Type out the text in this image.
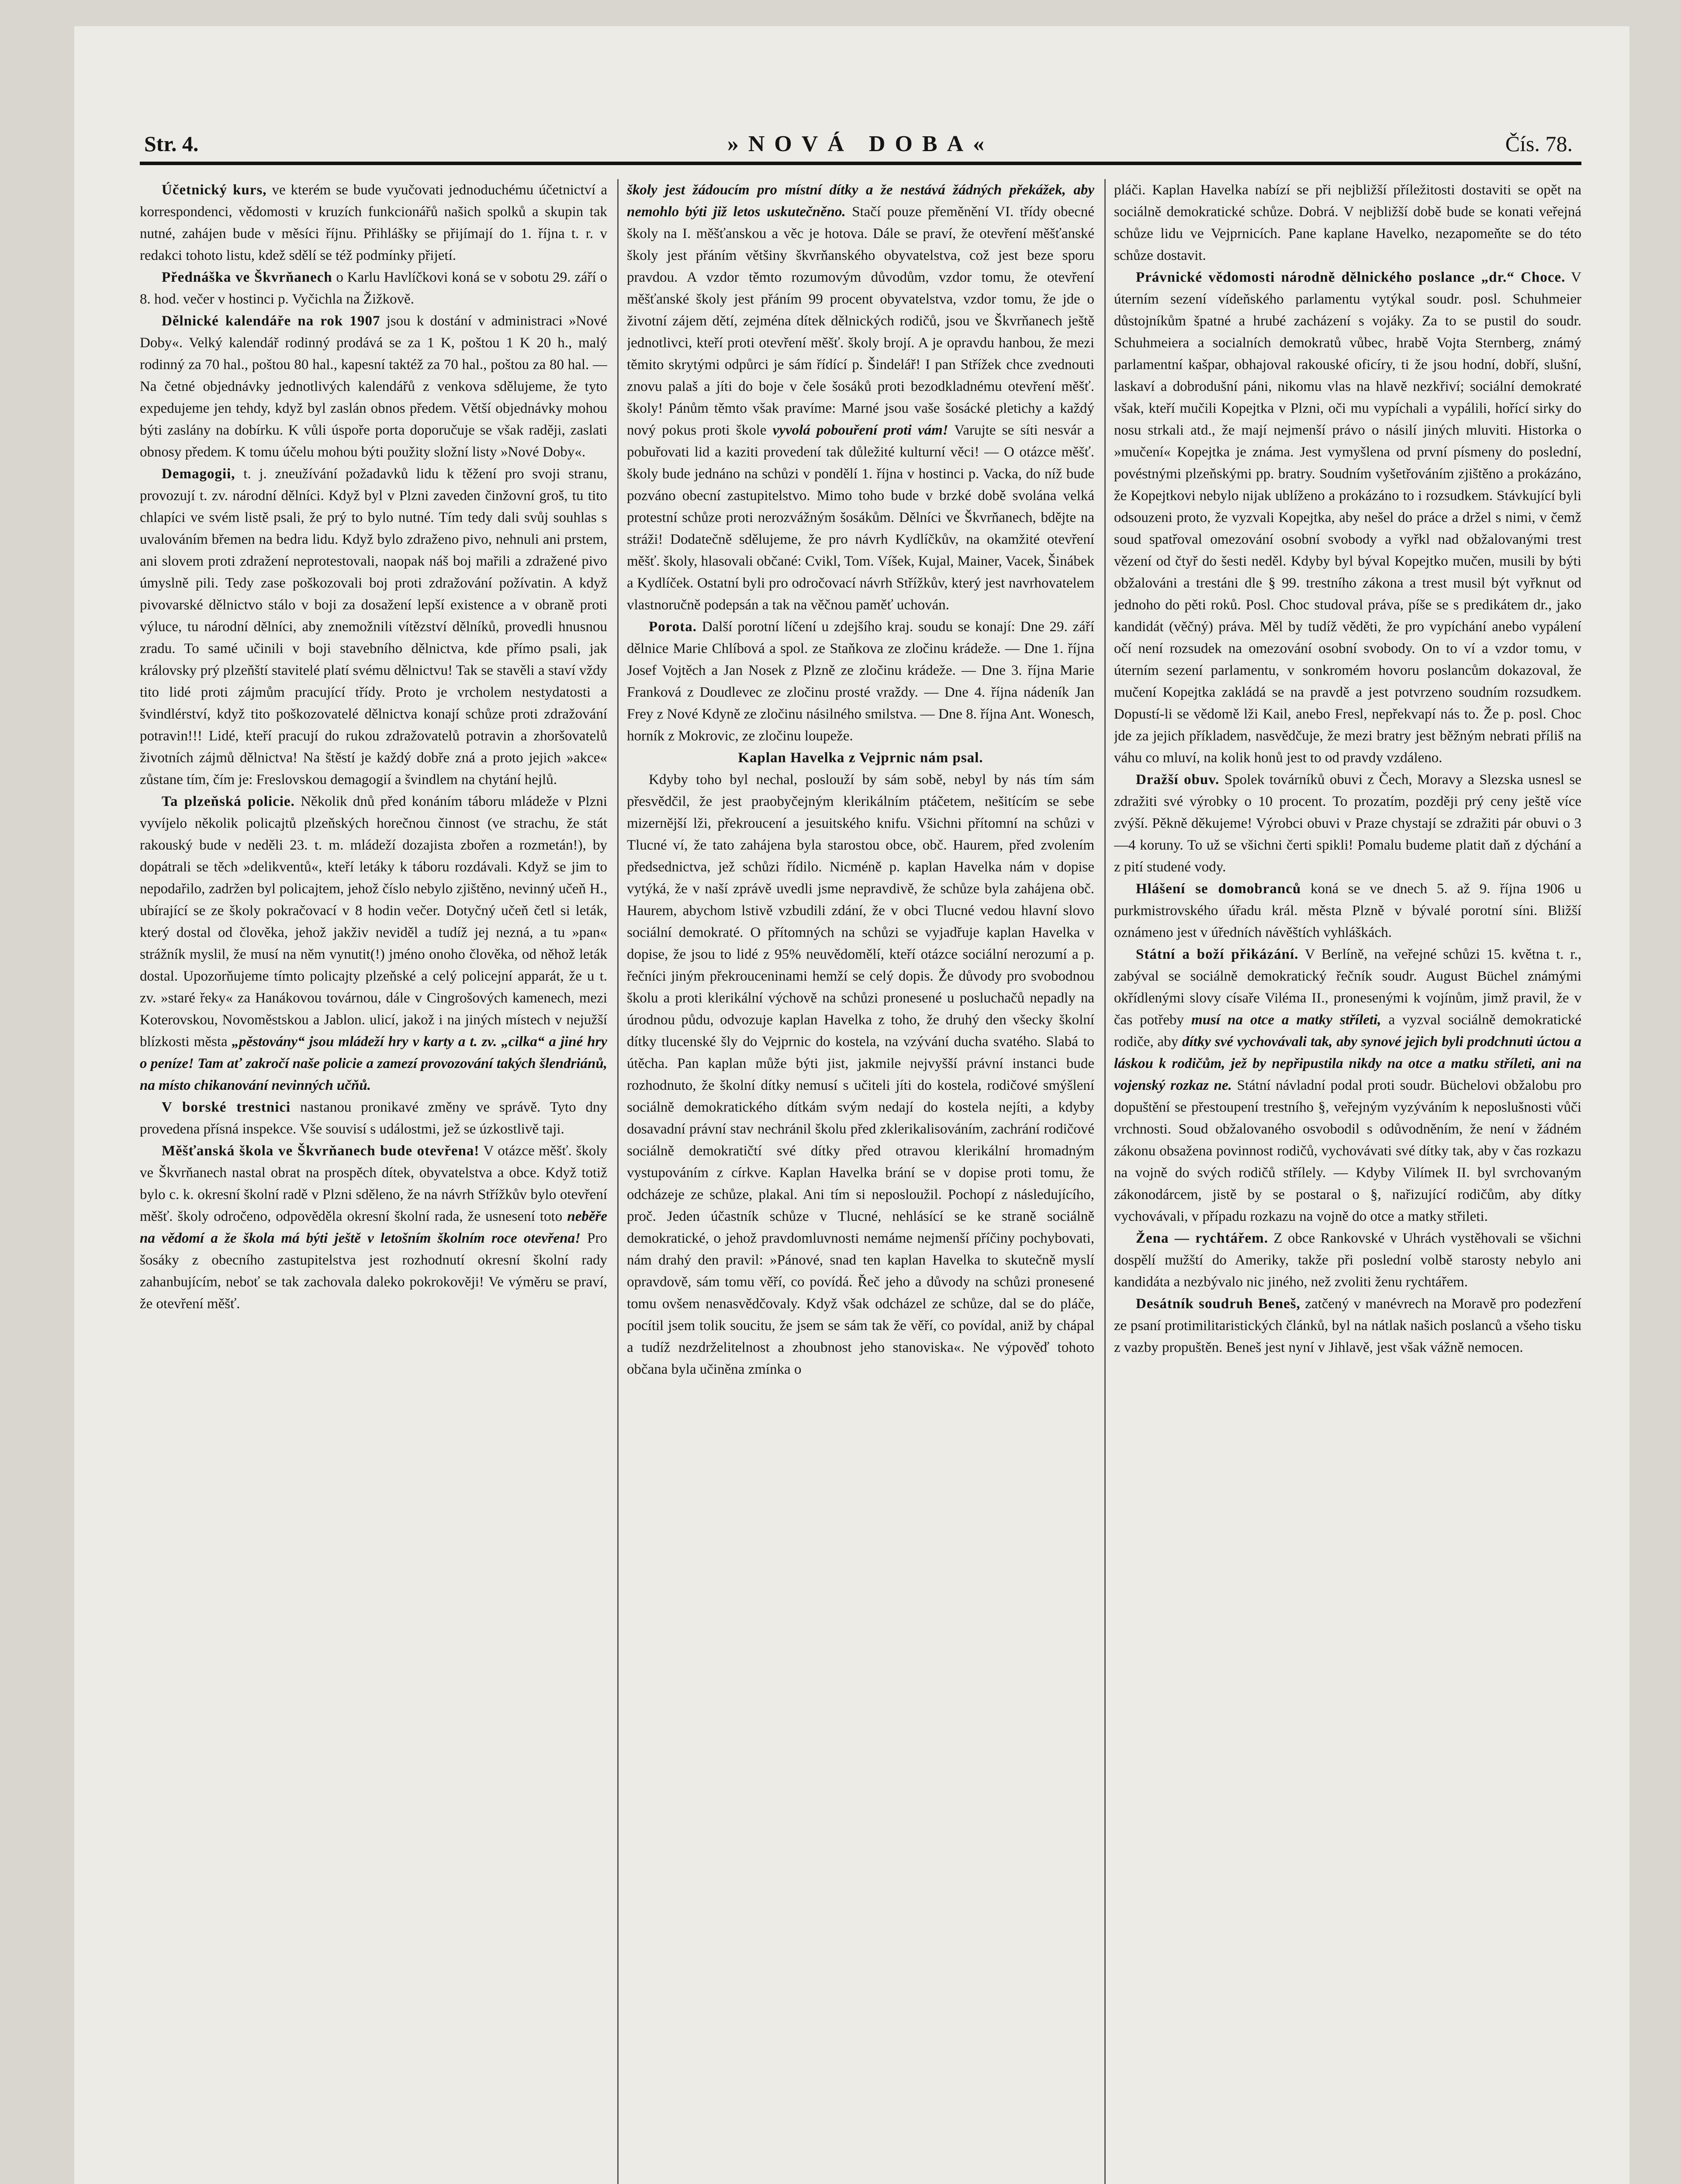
Str. 4.	»NOVÁ DOBA«	Čís. 78.

Účetnický kurs, ve kterém se bude vyučovati jednoduchému účetnictví a korrespondenci, vědomosti v kruzích funkcionářů našich spolků a skupin tak nutné, zahájen bude v měsíci říjnu. Přihlášky se přijímají do 1. října t. r. v redakci tohoto listu, kdež sdělí se též podmínky přijetí.

Přednáška ve Škvrňanech o Karlu Havlíčkovi koná se v sobotu 29. září o 8. hod. večer v hostinci p. Vyčichla na Žižkově.

Dělnické kalendáře na rok 1907 jsou k dostání v administraci »Nové Doby«. Velký kalendář rodinný prodává se za 1 K, poštou 1 K 20 h., malý rodinný za 70 hal., poštou 80 hal., kapesní taktéž za 70 hal., poštou za 80 hal. — Na četné objednávky jednotlivých kalendářů z venkova sdělujeme, že tyto expedujeme jen tehdy, když byl zaslán obnos předem. Větší objednávky mohou býti zaslány na dobírku. K vůli úspoře porta doporučuje se však raději, zaslati obnosy předem. K tomu účelu mohou býti použity složní listy »Nové Doby«.

Demagogii, t. j. zneužívání požadavků lidu k těžení pro svoji stranu, provozují t. zv. národní dělníci. Když byl v Plzni zaveden činžovní groš, tu tito chlapíci ve svém listě psali, že prý to bylo nutné. Tím tedy dali svůj souhlas s uvalováním břemen na bedra lidu. Když bylo zdraženo pivo, nehnuli ani prstem, ani slovem proti zdražení neprotestovali, naopak náš boj mařili a zdražené pivo úmyslně pili. Tedy zase poškozovali boj proti zdražování požívatin. A když pivovarské dělnictvo stálo v boji za dosažení lepší existence a v obraně proti výluce, tu národní dělníci, aby znemožnili vítězství dělníků, provedli hnusnou zradu. To samé učinili v boji stavebního dělnictva, kde přímo psali, jak královsky prý plzeňští stavitelé platí svému dělnictvu! Tak se stavěli a staví vždy tito lidé proti zájmům pracující třídy. Proto je vrcholem nestydatosti a švindlérství, když tito poškozovatelé dělnictva konají schůze proti zdražování potravin!!! Lidé, kteří pracují do rukou zdražovatelů potravin a zhoršovatelů životních zájmů dělnictva! Na štěstí je každý dobře zná a proto jejich »akce« zůstane tím, čím je: Freslovskou demagogií a švindlem na chytání hejlů.

Ta plzeňská policie. Několik dnů před konáním táboru mládeže v Plzni vyvíjelo několik policajtů plzeňských horečnou činnost (ve strachu, že stát rakouský bude v neděli 23. t. m. mládeží dozajista zbořen a rozmetán!), by dopátrali se těch »delikventů«, kteří letáky k táboru rozdávali. Když se jim to nepodařilo, zadržen byl policajtem, jehož číslo nebylo zjištěno, nevinný učeň H., ubírající se ze školy pokračovací v 8 hodin večer. Dotyčný učeň četl si leták, který dostal od člověka, jehož jakživ neviděl a tudíž jej nezná, a tu »pan« strážník myslil, že musí na něm vynutit(!) jméno onoho člověka, od něhož leták dostal. Upozorňujeme tímto policajty plzeňské a celý policejní apparát, že u t. zv. »staré řeky« za Hanákovou továrnou, dále v Cingrošových kamenech, mezi Koterovskou, Novoměstskou a Jablon. ulicí, jakož i na jiných místech v nejužší blízkosti města „pěstovány“ jsou mládeží hry v karty a t. zv. „cilka“ a jiné hry o peníze! Tam ať zakročí naše policie a zamezí provozování takých šlendriánů, na místo chikanování nevinných učňů.

V borské trestnici nastanou pronikavé změny ve správě. Tyto dny provedena přísná inspekce. Vše souvisí s událostmi, jež se úzkostlivě taji.

Měšťanská škola ve Škvrňanech bude otevřena! V otázce měšť. školy ve Škvrňanech nastal obrat na prospěch dítek, obyvatelstva a obce. Když totiž bylo c. k. okresní školní radě v Plzni sděleno, že na návrh Střížkův bylo otevření měšť. školy odročeno, odpověděla okresní školní rada, že usnesení toto neběře na vědomí a že škola má býti ještě v letošním školním roce otevřena! Pro šosáky z obecního zastupitelstva jest rozhodnutí okresní školní rady zahanbujícím, neboť se tak zachovala daleko pokrokověji! Ve výměru se praví, že otevření měšť.

školy jest žádoucím pro místní dítky a že nestává žádných překážek, aby nemohlo býti již letos uskutečněno. Stačí pouze přeměnění VI. třídy obecné školy na I. měšťanskou a věc je hotova. Dále se praví, že otevření měšťanské školy jest přáním většiny škvrňanského obyvatelstva, což jest beze sporu pravdou. A vzdor těmto rozumovým důvodům, vzdor tomu, že otevření měšťanské školy jest přáním 99 procent obyvatelstva, vzdor tomu, že jde o životní zájem dětí, zejména dítek dělnických rodičů, jsou ve Škvrňanech ještě jednotlivci, kteří proti otevření měšť. školy brojí. A je opravdu hanbou, že mezi těmito skrytými odpůrci je sám řídící p. Šindelář! I pan Střížek chce zvednouti znovu palaš a jíti do boje v čele šosáků proti bezodkladnému otevření měšť. školy! Pánům těmto však pravíme: Marné jsou vaše šosácké pletichy a každý nový pokus proti škole vyvolá pobouření proti vám! Varujte se síti nesvár a pobuřovati lid a kaziti provedení tak důležité kulturní věci! — O otázce měšť. školy bude jednáno na schůzi v pondělí 1. října v hostinci p. Vacka, do níž bude pozváno obecní zastupitelstvo. Mimo toho bude v brzké době svolána velká protestní schůze proti nerozvážným šosákům. Dělníci ve Škvrňanech, bdějte na stráži! Dodatečně sdělujeme, že pro návrh Kydlíčkův, na okamžité otevření měšť. školy, hlasovali občané: Cvikl, Tom. Víšek, Kujal, Mainer, Vacek, Šinábek a Kydlíček. Ostatní byli pro odročovací návrh Střížkův, který jest navrhovatelem vlastnoručně podepsán a tak na věčnou paměť uchován.

Porota. Další porotní líčení u zdejšího kraj. soudu se konají: Dne 29. září dělnice Marie Chlíbová a spol. ze Staňkova ze zločinu krádeže. — Dne 1. října Josef Vojtěch a Jan Nosek z Plzně ze zločinu krádeže. — Dne 3. října Marie Franková z Doudlevec ze zločinu prosté vraždy. — Dne 4. října nádeník Jan Frey z Nové Kdyně ze zločinu násilného smilstva. — Dne 8. října Ant. Wonesch, horník z Mokrovic, ze zločinu loupeže.

Kaplan Havelka z Vejprnic nám psal.

Kdyby toho byl nechal, poslouží by sám sobě, nebyl by nás tím sám přesvědčil, že jest praobyčejným klerikálním ptáčetem, nešitícím se sebe mizernější lži, překroucení a jesuitského knifu. Všichni přítomní na schůzi v Tlucné ví, že tato zahájena byla starostou obce, obč. Haurem, před zvolením předsednictva, jež schůzi řídilo. Nicméně p. kaplan Havelka nám v dopise vytýká, že v naší zprávě uvedli jsme nepravdivě, že schůze byla zahájena obč. Haurem, abychom lstivě vzbudili zdání, že v obci Tlucné vedou hlavní slovo sociální demokraté. O přítomných na schůzi se vyjadřuje kaplan Havelka v dopise, že jsou to lidé z 95% neuvědomělí, kteří otázce sociální nerozumí a p. řečníci jiným překrouceninami hemží se celý dopis. Že důvody pro svobodnou školu a proti klerikální výchově na schůzi pronesené u posluchačů nepadly na úrodnou půdu, odvozuje kaplan Havelka z toho, že druhý den všecky školní dítky tlucenské šly do Vejprnic do kostela, na vzývání ducha svatého. Slabá to útěcha. Pan kaplan může býti jist, jakmile nejvyšší právní instanci bude rozhodnuto, že školní dítky nemusí s učiteli jíti do kostela, rodičové smýšlení sociálně demokratického dítkám svým nedají do kostela nejíti, a kdyby dosavadní právní stav nechránil školu před zklerikalisováním, zachrání rodičové sociálně demokratičtí své dítky před otravou klerikální hromadným vystupováním z církve. Kaplan Havelka brání se v dopise proti tomu, že odcházeje ze schůze, plakal. Ani tím si neposloužil. Pochopí z následujícího, proč. Jeden účastník schůze v Tlucné, nehlásící se ke straně sociálně demokratické, o jehož pravdomluvnosti nemáme nejmenší příčiny pochybovati, nám drahý den pravil: »Pánové, snad ten kaplan Havelka to skutečně myslí opravdově, sám tomu věří, co povídá. Řeč jeho a důvody na schůzi pronesené tomu ovšem nenasvědčovaly. Když však odcházel ze schůze, dal se do pláče, pocítil jsem tolik soucitu, že jsem se sám tak že věří, co povídal, aniž by chápal a tudíž nezdrželitelnost a zhoubnost jeho stanoviska«. Ne výpověď tohoto občana byla učiněna zmínka o

pláči. Kaplan Havelka nabízí se při nejbližší příležitosti dostaviti se opět na sociálně demokratické schůze. Dobrá. V nejbližší době bude se konati veřejná schůze lidu ve Vejprnicích. Pane kaplane Havelko, nezapomeňte se do této schůze dostavit.

Právnické vědomosti národně dělnického poslance „dr.“ Choce. V úterním sezení vídeňského parlamentu vytýkal soudr. posl. Schuhmeier důstojníkům špatné a hrubé zacházení s vojáky. Za to se pustil do soudr. Schuhmeiera a socialních demokratů vůbec, hrabě Vojta Sternberg, známý parlamentní kašpar, obhajoval rakouské oficíry, ti že jsou hodní, dobří, slušní, laskaví a dobrodušní páni, nikomu vlas na hlavě nezkřiví; sociální demokraté však, kteří mučili Kopejtka v Plzni, oči mu vypíchali a vypálili, hořící sirky do nosu strkali atd., že mají nejmenší právo o násilí jiných mluviti. Historka o »mučení« Kopejtka je známa. Jest vymyšlena od první písmeny do poslední, povéstnými plzeňskými pp. bratry. Soudním vyšetřováním zjištěno a prokázáno, že Kopejtkovi nebylo nijak ublíženo a prokázáno to i rozsudkem. Stávkující byli odsouzeni proto, že vyzvali Kopejtka, aby nešel do práce a držel s nimi, v čemž soud spatřoval omezování osobní svobody a vyřkl nad obžalovanými trest vězení od čtyř do šesti neděl. Kdyby byl býval Kopejtko mučen, musili by býti obžalováni a trestáni dle § 99. trestního zákona a trest musil být vyřknut od jednoho do pěti roků. Posl. Choc studoval práva, píše se s predikátem dr., jako kandidát (věčný) práva. Měl by tudíž věděti, že pro vypíchání anebo vypálení očí není rozsudek na omezování osobní svobody. On to ví a vzdor tomu, v úterním sezení parlamentu, v sonkromém hovoru poslancům dokazoval, že mučení Kopejtka zakládá se na pravdě a jest potvrzeno soudním rozsudkem. Dopustí-li se vědomě lži Kail, anebo Fresl, nepřekvapí nás to. Že p. posl. Choc jde za jejich příkladem, nasvědčuje, že mezi bratry jest běžným nebrati příliš na váhu co mluví, na kolik honů jest to od pravdy vzdáleno.

Dražší obuv. Spolek továrníků obuvi z Čech, Moravy a Slezska usnesl se zdražiti své výrobky o 10 procent. To prozatím, později prý ceny ještě více zvýší. Pěkně děkujeme! Výrobci obuvi v Praze chystají se zdražiti pár obuvi o 3—4 koruny. To už se všichni čerti spikli! Pomalu budeme platit daň z dýchání a z pití studené vody.

Hlášení se domobranců koná se ve dnech 5. až 9. října 1906 u purkmistrovského úřadu král. města Plzně v bývalé porotní síni. Bližší oznámeno jest v úředních návěštích vyhláškách.

Státní a boží přikázání. V Berlíně, na veřejné schůzi 15. května t. r., zabýval se sociálně demokratický řečník soudr. August Büchel známými okřídlenými slovy císaře Viléma II., pronesenými k vojínům, jimž pravil, že v čas potřeby musí na otce a matky stříleti, a vyzval sociálně demokratické rodiče, aby dítky své vychovávali tak, aby synové jejich byli prodchnuti úctou a láskou k rodičům, jež by nepřipustila nikdy na otce a matku stříleti, ani na vojenský rozkaz ne. Státní návladní podal proti soudr. Büchelovi obžalobu pro dopuštění se přestoupení trestního §, veřejným vyzýváním k neposlušnosti vůči vrchnosti. Soud obžalovaného osvobodil s odůvodněním, že není v žádném zákonu obsažena povinnost rodičů, vychovávati své dítky tak, aby v čas rozkazu na vojně do svých rodičů střílely. — Kdyby Vilímek II. byl svrchovaným zákonodárcem, jistě by se postaral o §, nařizující rodičům, aby dítky vychovávali, v případu rozkazu na vojně do otce a matky střileti.

Žena — rychtářem. Z obce Rankovské v Uhrách vystěhovali se všichni dospělí mužští do Ameriky, takže při poslední volbě starosty nebylo ani kandidáta a nezbývalo nic jiného, než zvoliti ženu rychtářem.

Desátník soudruh Beneš, zatčený v manévrech na Moravě pro podezření ze psaní protimilitaristických článků, byl na nátlak našich poslanců a všeho tisku z vazby propuštěn. Beneš jest nyní v Jihlavě, jest však vážně nemocen.
